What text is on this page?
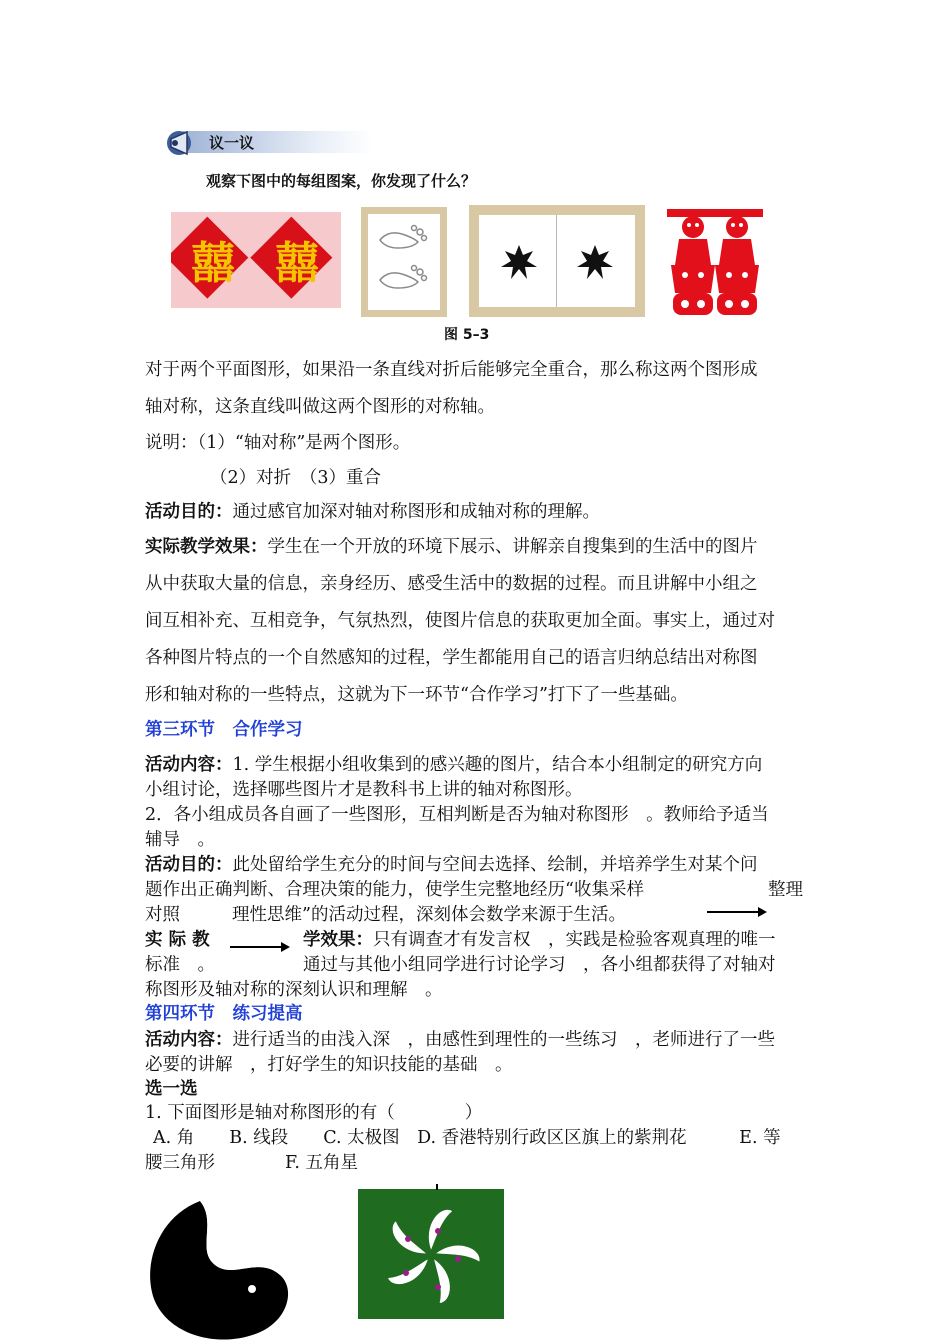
议一议
观察下图中的每组图案，你发现了什么？
囍 囍
图 5–3
对于两个平面图形，如果沿一条直线对折后能够完全重合，那么称这两个图形成
轴对称，这条直线叫做这两个图形的对称轴。
说明：（1）“轴对称”是两个图形。
（2）对折　（3）重合
活动目的：通过感官加深对轴对称图形和成轴对称的理解。
实际教学效果：学生在一个开放的环境下展示、讲解亲自搜集到的生活中的图片
从中获取大量的信息，亲身经历、感受生活中的数据的过程。而且讲解中小组之
间互相补充、互相竞争，气氛热烈，使图片信息的获取更加全面。事实上，通过对
各种图片特点的一个自然感知的过程，学生都能用自己的语言归纳总结出对称图
形和轴对称的一些特点，这就为下一环节“合作学习”打下了一些基础。
第三环节　合作学习
活动内容：1. 学生根据小组收集到的感兴趣的图片，结合本小组制定的研究方向
小组讨论，选择哪些图片才是教科书上讲的轴对称图形。
2．各小组成员各自画了一些图形，互相判断是否为轴对称图形　。教师给予适当
辅导　。
活动目的：此处留给学生充分的时间与空间去选择、绘制，并培养学生对某个问
题作出正确判断、合理决策的能力，使学生完整地经历“收集采样	整理
对照	理性思维”的活动过程，深刻体会数学来源于生活。
实 际 教	学效果：只有调查才有发言权　，实践是检验客观真理的唯一
标准　。	通过与其他小组同学进行讨论学习　，各小组都获得了对轴对
称图形及轴对称的深刻认识和理解　。
第四环节　练习提高
活动内容：进行适当的由浅入深　，由感性到理性的一些练习　，老师进行了一些
必要的讲解　，打好学生的知识技能的基础　。
选一选
1. 下面图形是轴对称图形的有（　　　　）
A. 角　　B. 线段　　C. 太极图　D. 香港特别行政区区旗上的紫荆花　　　E. 等
腰三角形　　　　F. 五角星
